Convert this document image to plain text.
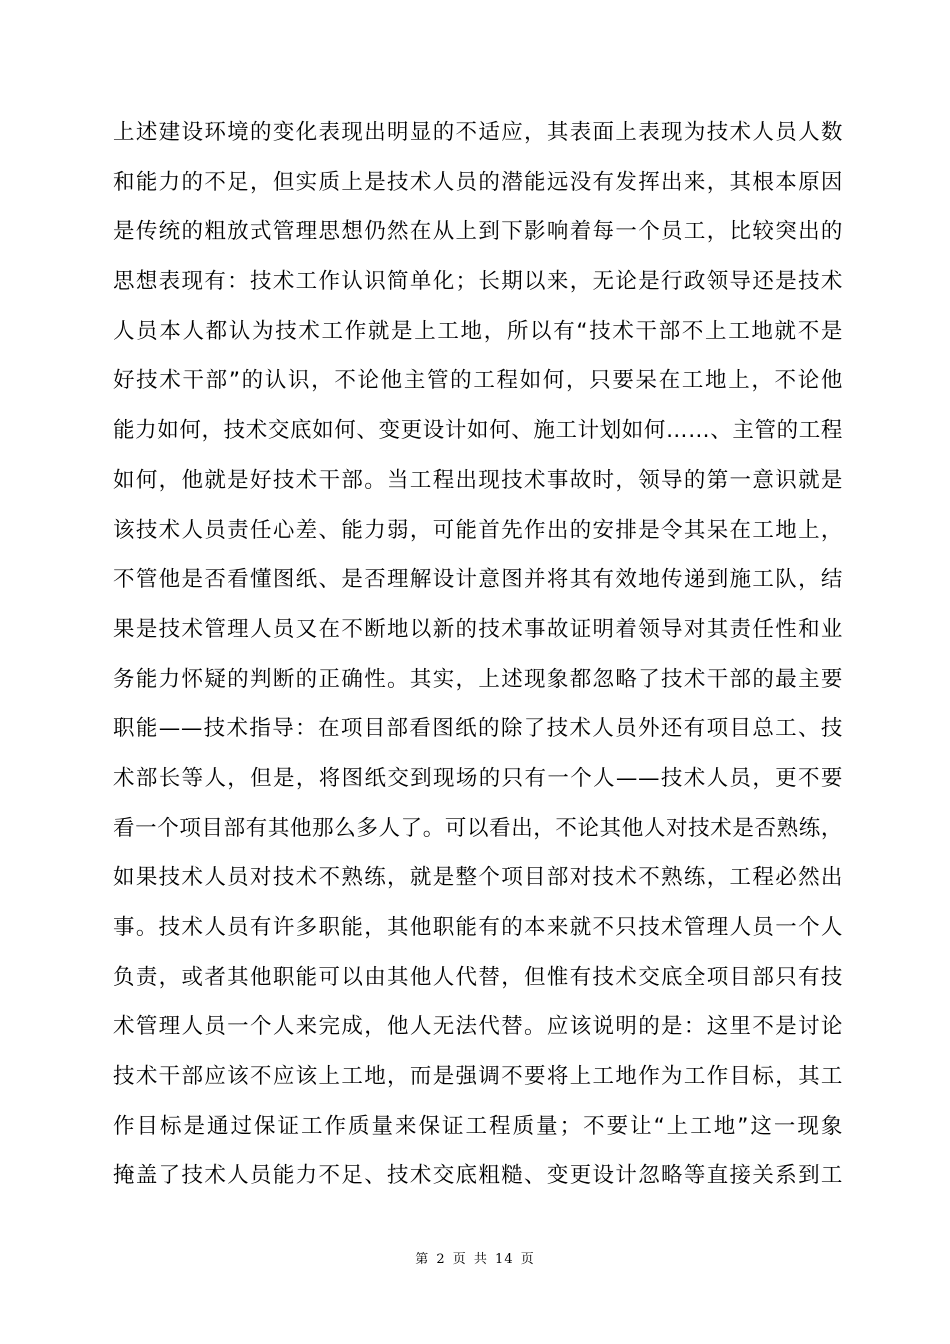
上述建设环境的变化表现出明显的不适应，其表面上表现为技术人员人数
和能力的不足，但实质上是技术人员的潜能远没有发挥出来，其根本原因
是传统的粗放式管理思想仍然在从上到下影响着每一个员工，比较突出的
思想表现有：技术工作认识简单化；长期以来，无论是行政领导还是技术
人员本人都认为技术工作就是上工地，所以有“技术干部不上工地就不是
好技术干部”的认识，不论他主管的工程如何，只要呆在工地上，不论他
能力如何，技术交底如何、变更设计如何、施工计划如何……、主管的工程
如何，他就是好技术干部。当工程出现技术事故时，领导的第一意识就是
该技术人员责任心差、能力弱，可能首先作出的安排是令其呆在工地上，
不管他是否看懂图纸、是否理解设计意图并将其有效地传递到施工队，结
果是技术管理人员又在不断地以新的技术事故证明着领导对其责任性和业
务能力怀疑的判断的正确性。其实，上述现象都忽略了技术干部的最主要
职能——技术指导：在项目部看图纸的除了技术人员外还有项目总工、技
术部长等人，但是，将图纸交到现场的只有一个人——技术人员，更不要
看一个项目部有其他那么多人了。可以看出，不论其他人对技术是否熟练，
如果技术人员对技术不熟练，就是整个项目部对技术不熟练，工程必然出
事。技术人员有许多职能，其他职能有的本来就不只技术管理人员一个人
负责，或者其他职能可以由其他人代替，但惟有技术交底全项目部只有技
术管理人员一个人来完成，他人无法代替。应该说明的是：这里不是讨论
技术干部应该不应该上工地，而是强调不要将上工地作为工作目标，其工
作目标是通过保证工作质量来保证工程质量；不要让“上工地”这一现象
掩盖了技术人员能力不足、技术交底粗糙、变更设计忽略等直接关系到工
第 2 页 共 14 页
